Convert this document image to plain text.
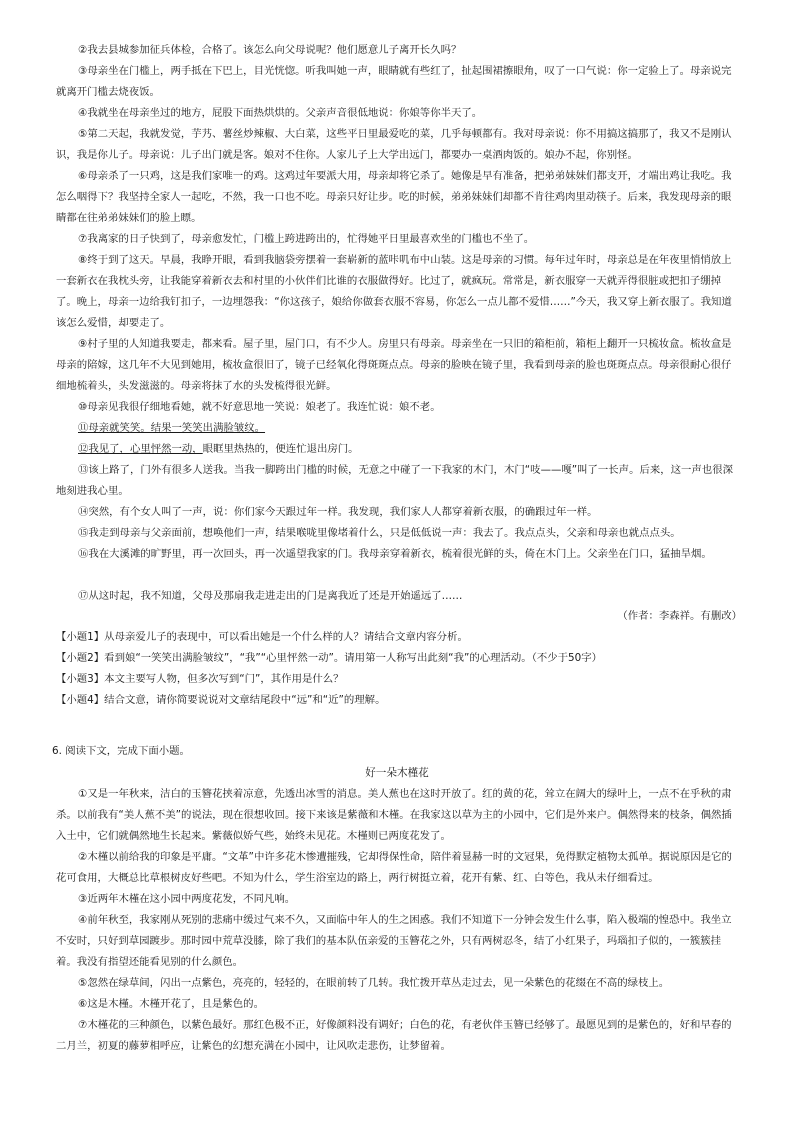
②我去县城参加征兵体检，合格了。该怎么向父母说呢？他们愿意儿子离开长久吗？

③母亲坐在门槛上，两手抵在下巴上，目光恍惚。听我叫她一声，眼睛就有些红了，扯起围裙擦眼角，叹了一口气说：你一定验上了。母亲说完就离开门槛去烧夜饭。

④我就坐在母亲坐过的地方，屁股下面热烘烘的。父亲声音很低地说：你娘等你半天了。

⑤第二天起，我就发觉，芋艿、薯丝炒辣椒、大白菜，这些平日里最爱吃的菜，几乎每顿都有。我对母亲说：你不用搞这搞那了，我又不是刚认识，我是你儿子。母亲说：儿子出门就是客。娘对不住你。人家儿子上大学出远门，都要办一桌酒肉饭的。娘办不起，你别怪。

⑥母亲杀了一只鸡，这是我们家唯一的鸡。这鸡过年要派大用，母亲却将它杀了。她像是早有准备，把弟弟妹妹们都支开，才端出鸡让我吃。我怎么咽得下？我坚持全家人一起吃，不然，我一口也不吃。母亲只好让步。吃的时候，弟弟妹妹们却都不肯往鸡肉里动筷子。后来，我发现母亲的眼睛都在往弟弟妹妹们的脸上瞟。

⑦我离家的日子快到了，母亲愈发忙，门槛上跨进跨出的，忙得她平日里最喜欢坐的门槛也不坐了。

⑧终于到了这天。早晨，我睁开眼，看到我脑袋旁摆着一套崭新的蓝咔叽布中山装。这是母亲的习惯。每年过年时，母亲总是在年夜里悄悄放上一套新衣在我枕头旁，让我能穿着新衣去和村里的小伙伴们比谁的衣服做得好。比过了，就疯玩。常常是，新衣服穿一天就弄得很脏或把扣子绷掉了。晚上，母亲一边给我钉扣子，一边埋怨我：“你这孩子，娘给你做套衣服不容易，你怎么一点儿都不爱惜……”今天，我又穿上新衣服了。我知道该怎么爱惜，却要走了。

⑨村子里的人知道我要走，都来看。屋子里，屋门口，有不少人。房里只有母亲。母亲坐在一只旧的箱柜前，箱柜上翻开一只梳妆盒。梳妆盒是母亲的陪嫁，这几年不大见到她用，梳妆盒很旧了，镜子已经氧化得斑斑点点。母亲的脸映在镜子里，我看到母亲的脸也斑斑点点。母亲很耐心很仔细地梳着头，头发滋滋的。母亲将抹了水的头发梳得很光鲜。

⑩母亲见我很仔细地看她，就不好意思地一笑说：娘老了。我连忙说：娘不老。

⑪母亲就笑笑。结果一笑笑出满脸皱纹。

⑫我见了，心里怦然一动，眼眶里热热的，便连忙退出房门。

⑬该上路了，门外有很多人送我。当我一脚跨出门槛的时候，无意之中碰了一下我家的木门，木门“吱——嘎”叫了一长声。后来，这一声也很深地刻进我心里。

⑭突然，有个女人叫了一声，说：你们家今天跟过年一样。我发现，我们家人人都穿着新衣服，的确跟过年一样。

⑮我走到母亲与父亲面前，想唤他们一声，结果喉咙里像堵着什么，只是低低说一声：我去了。我点点头，父亲和母亲也就点点头。

⑯我在大溪滩的旷野里，再一次回头，再一次遥望我家的门。我母亲穿着新衣，梳着很光鲜的头，倚在木门上。父亲坐在门口，猛抽旱烟。

⑰从这时起，我不知道，父母及那扇我走进走出的门是离我近了还是开始遥远了……

（作者：李森祥。有删改）

【小题1】从母亲爱儿子的表现中，可以看出她是一个什么样的人？请结合文章内容分析。

【小题2】看到娘“一笑笑出满脸皱纹”，“我”“心里怦然一动”。请用第一人称写出此刻“我”的心理活动。（不少于50字）

【小题3】本文主要写人物，但多次写到“门”，其作用是什么？

【小题4】结合文意，请你简要说说对文章结尾段中“远”和“近”的理解。

6. 阅读下文，完成下面小题。

好一朵木槿花

①又是一年秋来，洁白的玉簪花挟着凉意，先透出冰雪的消息。美人蕉也在这时开放了。红的黄的花，耸立在阔大的绿叶上，一点不在乎秋的肃杀。以前我有“美人蕉不美”的说法，现在很想收回。接下来该是紫薇和木槿。在我家这以草为主的小园中，它们是外来户。偶然得来的枝条，偶然插入土中，它们就偶然地生长起来。紫薇似娇气些，始终未见花。木槿则已两度花发了。

②木槿以前给我的印象是平庸。“文革”中许多花木惨遭摧残，它却得保性命，陪伴着显赫一时的文冠果，免得默定植物太孤单。据说原因是它的花可食用，大概总比草根树皮好些吧。不知为什么，学生浴室边的路上，两行树挺立着，花开有紫、红、白等色，我从未仔细看过。

③近两年木槿在这小园中两度花发，不同凡响。

④前年秋至，我家刚从死别的悲痛中缓过气来不久，又面临中年人的生之困惑。我们不知道下一分钟会发生什么事，陷入极端的惶恐中。我坐立不安时，只好到草园踱步。那时园中荒草没膝，除了我们的基本队伍亲爱的玉簪花之外，只有两树忍冬，结了小红果子，玛瑙扣子似的，一簇簇挂着。我没有指望还能看见别的什么颜色。

⑤忽然在绿草间，闪出一点紫色，亮亮的，轻轻的，在眼前转了几转。我忙拨开草丛走过去，见一朵紫色的花缀在不高的绿枝上。

⑥这是木槿。木槿开花了，且是紫色的。

⑦木槿花的三种颜色，以紫色最好。那红色极不正，好像颜料没有调好；白色的花，有老伙伴玉簪已经够了。最愿见到的是紫色的，好和早春的二月兰，初夏的藤萝相呼应，让紫色的幻想充满在小园中，让风吹走悲伤，让梦留着。
